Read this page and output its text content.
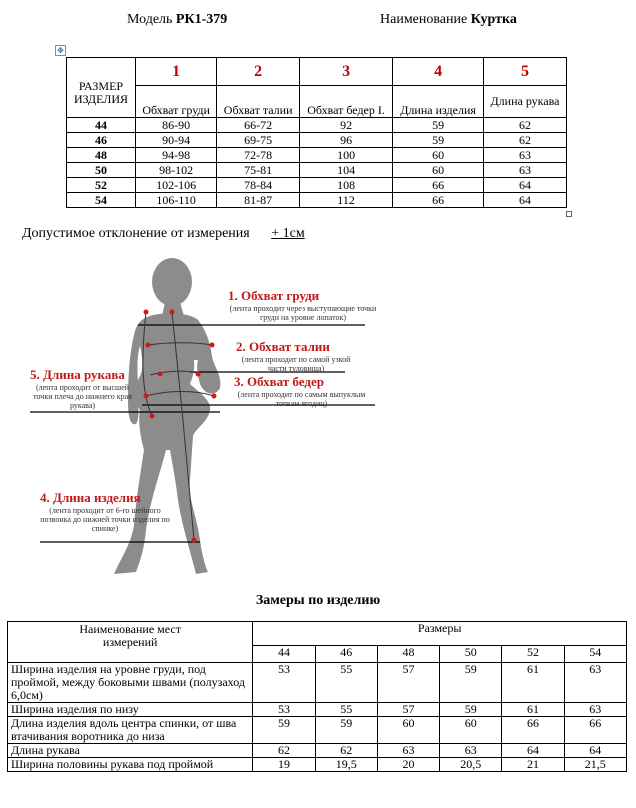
Модель РК1-379	Наименование Куртка
✥
РАЗМЕР ИЗДЕЛИЯ	1	2	3	4	5
	Обхват груди	Обхват талии	Обхват бедер I.	Длина изделия	Длина рукава
44	86-90	66-72	92	59	62
46	90-94	69-75	96	59	62
48	94-98	72-78	100	60	63
50	98-102	75-81	104	60	63
52	102-106	78-84	108	66	64
54	106-110	81-87	112	66	64
Допустимое отклонение от измерения + 1см
1. Обхват груди
(лента проходит через выступающие точки груди на уровне лопаток)
2. Обхват талии
(лента проходит по самой узкой части туловища)
3. Обхват бедер
(лента проходит по самым выпуклым точкам ягодиц)
4. Длина изделия
(лента проходит от 6-го шейного позвонка до нижней точки изделия по спинке)
5. Длина рукава
(лента проходит от высшей точки плеча до нижнего края рукава)
Замеры по изделию
Наименование мест измерений	Размеры					
	44	46	48	50	52	54
Ширина изделия на уровне груди, под проймой, между боковыми швами (полузаход 6,0см)	53	55	57	59	61	63
Ширина изделия по низу	53	55	57	59	61	63
Длина изделия вдоль центра спинки, от шва втачивания воротника до низа	59	59	60	60	66	66
Длина рукава	62	62	63	63	64	64
Ширина половины рукава под проймой	19	19,5	20	20,5	21	21,5
